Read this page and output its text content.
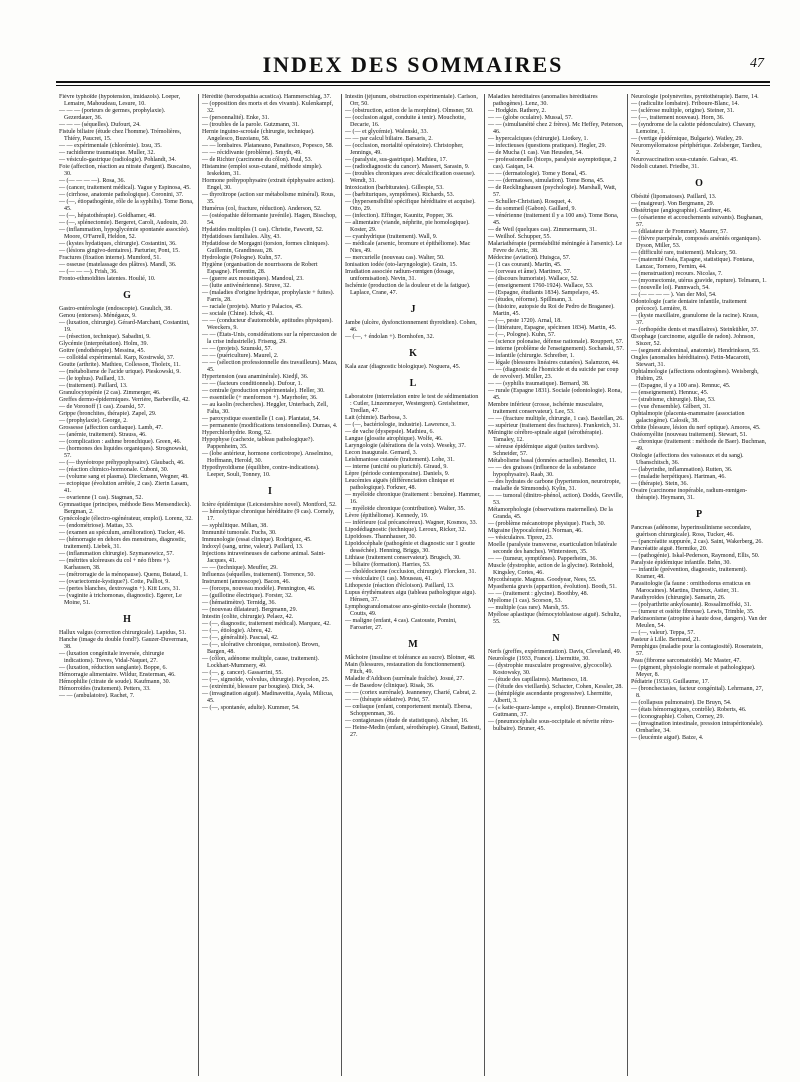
INDEX DES SOMMAIRES	47

Fièvre typhoïde (hypotension, imidazols). Loeper, Lemaire, Mahoudeau, Lesure, 10.

— — — (porteurs de germes, prophylaxie). Gezerdauer, 36.

— — — (séquelles). Dufourt, 24.

Fistule biliaire (étude chez l'homme). Trémolières, Thiéry, Paucret, 15.

— — expérimentale (chlorémie). Izsu, 35.

— rachidienne traumatique. Muller, 32.

— vésiculo-gastrique (radiologie). Pohlandt, 34.

Foie (affection, réaction au nitrate d'argent). Buscaino, 30.

— (— — — —). Rosa, 36.

— (cancer, traitement médical). Yague y Espinosa, 45.

— (cirrhose, anatomie pathologique). Coronini, 37.

— (—, étiopathogénie, rôle de la syphilis). Tome Bona, 45.

— (—, hépatothérapie). Goldhamer, 48.

— (—, splénectomie). Bergeret, Caroli, Audouin, 20.

— (inflammation, hypoglycémie spontanée associée). Moore, O'Farrell, Heldon, 52.

— (kystes hydatiques, chirurgie). Costantini, 36.

— (lésions gingivo-dentaires). Parturier, Pont, 15.

Fractures (fixation interne). Mumford, 51.

— osseuse (matelassage des plâtres). Mandl, 36.

— (— — —). Frish, 36.

Fronto-ethmoïdites latentes. Houlié, 10.

G

Gastro-entérologie (endoscopie). Graulich, 38.

Genou (entorses). Ménégaux, 9.

— (luxation, chirurgie). Gérard-Marchant, Costantini, 19.

— (résection, technique). Sabadini, 9.

Glycémie (interprétation). Holm, 39.

Goitre (endothérapie). Messina, 45.

— colloïdal expérimental. Karp, Kostrwski, 37.

Goutte (arthrite). Mathieu, Collesson, Tholeix, 11.

— (métabolisme de l'acide urique). Pieskowski, 9.

— (le tophus). Paillard, 13.

— (traitement). Paillard, 13.

Granulocytopénie (2 cas). Zimmerger, 46.

Greffes dermo-épidermiques. Verrière, Barbeville, 42.

— de Voronoff (1 cas). Zoarski, 57.

Grippe (bronchites, thérapie). Zapel, 29.

— (prophylaxie). George, 2.

Grossesse (affection cardiaque). Lamb, 47.

— (anémie, traitement). Strauss, 46.

— (complication : asthme bronchique). Green, 46.

— (hormones des liquides organiques). Strognowski, 57.

— (— thyréotrope préhypophysaire). Glaubach, 46.

— (réaction chimico-hormonale. Cuboni, 30.

— (volume sang et plasma). Dieckmann, Wegner, 48.

— ectopique (évolution arrêtée, 2 cas). Zierin Lasam, 41.

— ovarienne (1 cas). Stagman, 52.

Gymnastique (principes, méthode Bess Mensendieck). Bergman, 2.

Gynécologie (électro-ogénérateur, emploi). Lorenz, 32.

— (endométriose). Mattas, 33.

— (examen au spéculum, amélioration). Tucker, 46.

— (hémorragie en dehors des menstrues, diagnostic, traitement). Liebek, 31.

— (inflammation chirurgie). Szymanowicz, 57.

— (métrites ulcéreuses du col + néo fibres +). Karhausen, 38.

— (métrorragie de la ménopause). Quenu, Butaud, 1.

— (ovariectomie-kystique?). Cotte, Palliot, 9.

— (pertes blanches, dextrovagin +). Kitt Lors, 31.

— (vaginite à trichomonas, diagnostic). Egerer, Le Moine, 51.

H

Hallux valgus (correction chirurgicale). Lapidus, 51.

Hanche (image du double fond?). Gauzer-Duverman, 38.

— (luxation congénitale inversée, chirurgie indications). Treves, Vidal-Naquet, 27.

— (luxation, réduction sanglante). Boppe, 6.

Hémorragie alimentaire. Wildur, Ensterman, 46.

Hémophilie (citrate de soude). Kaufmann, 30.

Hémorroïdes (traitement). Petters, 33.

— — (ambulatoire). Rachet, 7.

Hérédité (herodopathia acustica). Hammerschlag, 37.

— (opposition des morts et des vivants). Kulenkampf, 32.

— (personnalité). Enke, 31.

— (troubles de la parole. Gutzmann, 31.

Hernie inguino-scrotale (chirurgie, technique). Angelesco, Buzoianu, 58.

— — lombaires. Plataneano, Panaitesco, Popesco, 58.

— — récidivante (problème). Smyth, 49.

— de Richter (carcinome du côlon). Paul, 53.

Histamine (emploi sous-cutané, méthode simple). Ieskekten, 31.

Hormone préhypophysaire (extrait épiphysaire action). Engel, 30.

— thyroïtrope (action sur métabolisme minéral). Rous, 35.

Humérus (col, fracture, réduction). Anderson, 52.

— (ostéopathie déformante juvénile). Hagen, Bisschop, 54.

Hydatides multiples (1 cas). Christie, Fawcett, 52.

Hydatidoses familiales. Aliy, 43.

Hydatidose de Morgagni (torsion, formes cliniques). Guillemin, Grandineau, 28.

Hydrologie (Pologne). Kuhn, 57.

Hygiène (organisation de nourrissons de Robert Espagne). Florentin, 28.

— (guerre aux moustiques). Mandoul, 23.

— (lutte antivénérienne). Struve, 32.

— (maladies d'origine hydrique, prophylaxie + fuites). Farris, 28.

— raciale (projets). Murio y Palacios, 45.

— sociale (Chine). Ichok, 43.

— — (conducteur d'automobile, aptitudes physiques). Weeckers, 9.

— — (États-Unis, considérations sur la répercussion de la crise industrielle). Friseng, 29.

— — (projets). Szumski, 57.

— — (puériculture). Maurel, 2.

— — (sélection professionnelle des travailleurs). Maza, 45.

Hypertension (eau anaminérale). Kiedjl, 36.

— — (facteurs conditionnels). Dufour, 1.

— centrale (production expérimentale). Heller, 30.

— essentielle (+ menformon +). Mayrhofer, 36.

— au kaolin (recherches). Heggler, Unterbach, Zell, Falta, 30.

— paroxystique essentielle (1 cas). Plantatat, 54.

— permanente (modifications tensionnelles). Dumas, 4.

Hyperchlorhydrie. Rong, 52.

Hypophyse (cachexie, tableau pathologique?). Pappenheim, 35.

— (lobe antérieur, hormone corticotrope). Anselmino, Hoffmann, Herold, 30.

Hypothyroïdisme (équilibre, contre-indications). Leeper, Souli, Tonney, 10.

I

Ictère épidémique (Leicestershire novel). Montford, 52.

— hémolytique chronique héréditaire (9 cas). Cornely, 17.

— syphilitique. Milian, 38.

Immunité tumorale. Fuchs, 30.

Immunologie (essai clinique). Rodriguez, 45.

Indoxyl (sang, urine, valeur). Paillard, 13.

Injections intraveineuses de carbone animal. Saint-Jacques, 41.

— — (technique). Meuffer, 29.

Influenza (séquelles, traitement). Torrence, 50.

Instrument (amnoscope). Bacon, 46.

— (forceps, nouveau modèle). Pennington, 46.

— (guillotine électrique). Forster, 32.

— (hématimètre). Ternidg, 36.

— (nouveau dilatateur). Bergmann, 29.

Intestin (colite, chirurgie). Pelaez, 42.

— (—, diagnostic, traitement médical). Marquez, 42.

— (—, étiologie). Abreu, 42.

— (—, généralité). Pascual, 42.

— (—, ulcérative chronique, remission). Brown, Bargen, 48.

— (côlon, adénome multiple, cause, traitement). Lockhart-Mummery, 49.

— (—, g. cancer). Gassarrini, 55.

— (—, sigmoïde, volvulus, chirurgie). Peycelon, 25.

— (extrémité, blessure par bougies). Dick, 34.

— (invagination aiguë). Madinaveitia, Ayala, Milicua, 45.

— (—, spontanée, adulte). Kummer, 54.

Intestin (jéjunum, obstruction expérimentale). Carlson, Orr, 50.

— (obstruction, action de la morphine). Olmsner, 50.

— (occlusion aiguë, conduite à tenir). Mouchotte, Decarie, 16.

— (— et glycémie). Walenski, 33.

— — par calcul biliaire. Barsaris, 2.

— (occlusion, mortalité opératoire). Christopher, Jennings, 49.

— (paralysie, sus-gastrique). Mathieu, 17.

— (radiodiagnostic du cancer). Massert, Sarasin, 9.

— (troubles chroniques avec décalcification osseuse). Wendt, 31.

Intoxication (barbiturates). Gillespie, 53.

— (barbituriques, symptômes). Richards, 53.

— (hypersensibilité spécifique héréditaire et acquise). Otto, 29.

— (infection). Effinger, Kaunitz, Popper, 36.

— alimentaire (viande, néphrite, pie homologique). Koster, 29.

— cyanhydrique (traitement). Wall, 9.

— médicale (arsenic, bromure et épithéliome). Mac Nies, 49.

— mercurielle (nouveau cas). Walter, 50.

Ionisation iodée (oto-laryngologie). Grain, 15.

Irradiation associée radium-rœntgen (dosage, uniformisation). Nevin, 31.

Ischémie (production de la douleur et de la fatigue). Laplace, Crane, 47.

J

Jambe (ulcère, dysfonctionnement thyroïdien). Cohen, 46.

— (—, + éndolan +). Bornhofen, 32.

K

Kala azar (diagnostic biologique). Noguera, 45.

L

Laboratoire (interrelation entre le test de sédimentation : Cutler, Linzenmeyer, Westergren). Greisheimer, Tredlan, 47.

Lait (chimie). Barbosa, 3.

— (—, bactériologie, industrie). Lawrence, 3.

— de vache (dyspepsie). Mathieu, 6.

Langue (glossite atrophique). Wolfe, 46.

Laryngologie (altérations de la voix). Weseky, 37.

Lecon inaugurale. Gemard, 3.

Leishmaniose cutanée (traitement). Lohe, 31.

— interne (unicité ou pluricité). Giraud, 9.

Lèpre (période contemporaine). Daniels, 9.

Leucémies aiguës (différenciation clinique et pathologique). Forkner, 48.

— myéloïde chronique (traitement : benzène). Hammer, 16.

— myéloïde chronique (contribution). Walter, 35.

Lèvre (épithéliome). Kennedy, 19.

— inférieure (cal précancéreux). Wagner, Kosmos, 33.

Lipodédiagnostic (technique). Leroux, Ricker, 32.

Lipoïdoses. Thannhauser, 30.

Lipoïdocéphale (pathogénie et diagnostic sur 1 goutte desséchée). Henning, Briggs, 30.

Lithiase (traitement conservateur). Brugsch, 30.

— biliaire (formation). Harries, 53.

— cholédocienne (occlusion, chirurgie). Florcken, 31.

— vésiculaire (1 cas). Mouseau, 41.

Lithopexie (réaction d'écloison). Paillard, 13.

Lupus érythémateux aigu (tableau pathologique aigu). Hénsen, 37.

Lymphogranulomatose ano-génito-rectale (homme). Coutts, 49.

— maligne (enfant, 4 cas). Castouste, Pomini, Faroarier, 27.

M

Mâchoire (insuline et tolérance au sucre). Blotner, 48.

Main (blessures, restauration du fonctionnement). Fitch, 49.

Maladie d'Addison (surrénale fraîche). Josué, 27.

— de Basedow (clinique). Risak, 36.

— — (cortex surrénale). Jeanneney, Charié, Cabrat, 2.

— — (thérapie sédative). Prist, 57.

— cœliaque (enfant, comportement mental). Ebersa, Schoppenman, 36.

— contagieuses (étude de statistiques). Abcher, 16.

— Heine-Medin (enfant, sérothérapie). Giraud, Battesti, 27.

Maladies héréditaires (anomalies héréditaires pathogènes). Lenz, 30.

— Hodgkin. Rathery, 2.

— — (globe oculaire). Mussal, 57.

— — (simultanéité chez 2 frères). Mc Heffey, Peterson, 46.

— hypercalciques (chirurgie). Liotkey, 1.

— infectieuses (questions pratiques). Hegler, 29.

— de Mucha (1 cas). Van Heusden, 54.

— professionnelle (biceps, paralysie asymptotique, 2 cas). Gaiqan, 14.

— — (dermatologie). Tome y Bonal, 45.

— — (dermatoses, simulation). Tome Bona, 45.

— de Recklinghausen (psychologie). Marshall, Watt, 57.

— Schuller-Christian). Rosquet, 4.

— du sommeil (Gabon). Gaillard, 9.

— vénérienne (traitement il y a 100 ans). Tome Bona, 45.

— de Weil (quelques cas). Zimmermann, 31.

— Weilhof. Schupper, 55.

Malariathérapie (perméabilité méningée à l'arsenic). Le Fevre de Arric, 38.

Médecine (aviation). Huisgca, 57.

— (1 cas courant). Martin, 45.

— (cerveau et âme). Martinez, 57.

— (discours humoriste). Wallace, 52.

— (enseignement 1760-1924). Wallace, 53.

— (Espagne, étudiants 1834). Sampelayo, 45.

— (études, réforme). Spillmann, 3.

— (histoire, autopsie du Roi de Pedro de Braganee). Martin, 45.

— (—, peste 1720). Arnal, 18.

— (littérature, Espagne, spécimen 1834). Martin, 45.

— (—, Pologne). Kuhn, 57.

— (science polonaise, défense nationale). Rouppert, 57.

— interne (problème de l'enseignement). Sochanski, 57.

— infantile (chirurgie. Schreiber, 1.

— légale (blessures linéaires cutanées). Salamzon, 44.

— — (diagnostic de l'homicide et du suicide par coup de revolver). Müller, 23.

— — (syphilis traumatique). Bernard, 38.

— rurale (Espagne 1831). Sociale (odontologie). Rona, 45.

Membre inférieur (crosse, ischémie musculaire, traitement conservateur). Lee, 53.

— — (fracture multiple, chirurgie, 1 cas). Bastellan, 26.

— supérieur (traitement des fractures). Frankreich, 31.

Méningite cérébro-spinale aiguë (sérothérapie). Tamaley, 12.

— séreuse épidémique aiguë (suites tardives). Schneider, 57.

Métabolisme basal (données actuelles). Benedict, 11.

— — des graisses (influence de la substance hypophysaire). Raab, 30.

— des hydrates de carbone (hypertension, neurotropie, maladie de Simmonds). Kylin, 31.

— — tumoral (dinitro-phénol, action). Dodds, Greville, 53.

Métamorphologie (observations maternelles). De la Granda, 45.

— (problème mécanotrope physique). Fisch, 30.

Migraine (hypocalcémie). Norman, 46.

— vésiculaires. Tiprez, 23.

Moelle (paralysie transverse, exarticulation bilatérale seconde des hanches). Wintersteen, 35.

— — (tumeur, symptômes). Papperheim, 36.

Muscle (dystrophie, action de la glycine). Reinhold, Kingsley, Cortes, 46.

Mycothérapie. Magnus. Goodyear, Nees, 55.

Myasthenia gravis (apparition, évolution). Booth, 51.

— — (traitement : glycine). Boothby, 48.

Myélome (1 cas). Scorson, 53.

— multiple (cas rare). Marsh, 55.

Myélose aplastique (hémocytoblastose aiguë). Schultz, 55.

N

Nerfs (greffes, expérimentation). Davis, Cleveland, 49.

Neurologie (1933, France). Lhermitte, 30.

— (dystrophie musculaire progressive, glycocolle). Kostowsky, 30.

— (étude des capillaires). Marinesco, 18.

— (l'étude des vieillards). Schacter, Cohen, Kessler, 28.

— (hémiplégie ascendante progressive). Lhermitte, Alberti, 3.

— (« katie-quarz-lampe », emploi). Brunner-Ornstein, Guttmann, 37.

— (pneumocéphalie sous-occipitale et névrite rétro-bulbaire). Bruner, 45.

Neurologie (polynévrites, pyrétothérapie). Barre, 14.

— (radiculite lombaire). Friboure-Blanc, 14.

— (sclérose multiple, origine). Steiner, 31.

— (—, traitement nouveau). Horn, 36.

— (syndrome de la calotte pédonculaire). Chavany, Lemoine, 1.

— (vertige épidémique, Bulgarie). Watley, 29.

Neuromyélomatose périphérique. Zelsberger, Tardieu, 2.

Neurovaccination sous-cutanée. Galvao, 45.

Nodoli cutanei. Friedbe, 31.

O

Obésité (lipomatoses). Paillard, 13.

— (maigreur). Von Bergmann, 29.

Obstétrique (angiographie). Gardiner, 46.

— (césarienne et accouchements suivants). Bughanan, 57.

— (dilatateur de Frommer). Maurer, 57.

— (fièvre puerpérale, composés arséniés organiques). Dyson, Miller, 53.

— (difficulté rare, traitement). Mulcary, 50.

— (maternité Oséa, Espagne, statistique). Fontana, Lanzac, Tornero, Fernim, 44.

— (menstruation) recours. Nicolas, 7.

— (myomectomie, utérus gravide, rupture). Telmann, 1.

— (nouvelle loi). Pannwach, 54.

— (— — — — ). Van der Mol, 54.

Odontologie (carie dentaire infantile, traitement précoce). Lemière, 8.

— (kyste maxillaire, granulome de la racine). Kraus, 37.

— (orthopédie dents et maxillaires). Steinkühler, 37.

Œsophage (carcinome, aiguille de radon). Johnson, Siszer, 52.

— (segment abdominal, anatomie). Hendrinkson, 55.

Ongles (anomalies héréditaires). Fetin-Macarotti, Stewart, 31.

Ophtalmologie (affections odontogènes). Weisbergh, Hubim, 29.

— (Espagne, il y a 100 ans). Rennuc, 45.

— (enseignement). Hennuc, 45.

— (strabisme, chirurgie). Blue, 53.

— (vue d'ensemble). Gilbert, 31.

Ophtalmopie (placenta-mammaire (association galactogène). Calosik, 38.

Orbite (blessure, lésion du nerf optique). Amoros, 45.

Ostéomyélite (nouveau traitement). Stewart, 51.

— chronique (traitement : méthode de Baer). Buchman, 49.

Otologie (affections des vaisseaux et du sang). Ubanschitsch, 36.

— (labyrinthe, inflammation). Rutten, 36.

— (maladie herpétiques). Hartman, 46.

— (thérapie). Stein, 36.

Ovaire (carcinome inopérable, radium-rœntgen-thérapie). Heymann, 31.

P

Pancreas (adénome, hyperinsulinisme secondaire, guérison chirurgicale). Ross, Tucker, 46.

— (pancréatite suppurée, 2 cas). Saint, Wakerberg, 26.

Pancréatite aiguë. Hermike, 20.

— (pathogénie). Iskal-Pederson, Raymond, Ellis, 50.

Paralysie épidémique infantile. Behn, 30.

— infantile (prévention, diagnostic, traitement). Kramer, 48.

Parasitologie (la faune : ornithodorus erraticus en Marocaines). Martins, Durieux, Astier, 31.

Parathyroïdes (chirurgie). Samarin, 26.

— (polyarthrite ankylosante). Rossalimoffski, 31.

— (tumeur et ostéite fibreuse). Lewis, Trimble, 35.

Parkinsonisme (atropine à haute dose, dangers). Van der Meulen, 54.

— (—, valeur). Teppa, 57.

Pasteur à Lille. Bertrand, 21.

Pemphigus (maladie pour la contagiosité). Rosenstein, 57.

Peau (fibrome sarcomatoïde). Mc Master, 47.

— (pigment, physiologie normale et pathologique). Meyer, 8.

Pédiatrie (1933). Guillaume, 17.

— (bronchectasies, facteur congénital). Lehrmann, 27, 8.

— (collapsus pulmonaire). De Bruyn, 54.

— (états hémorragiques, contrôle). Roberts, 46.

— (iconographie). Cohen, Corney, 29.

— (invagination intestinale, pression intrapéritonéale). Ornbarlee, 34.

— (leucémie aiguë). Baize, 4.
